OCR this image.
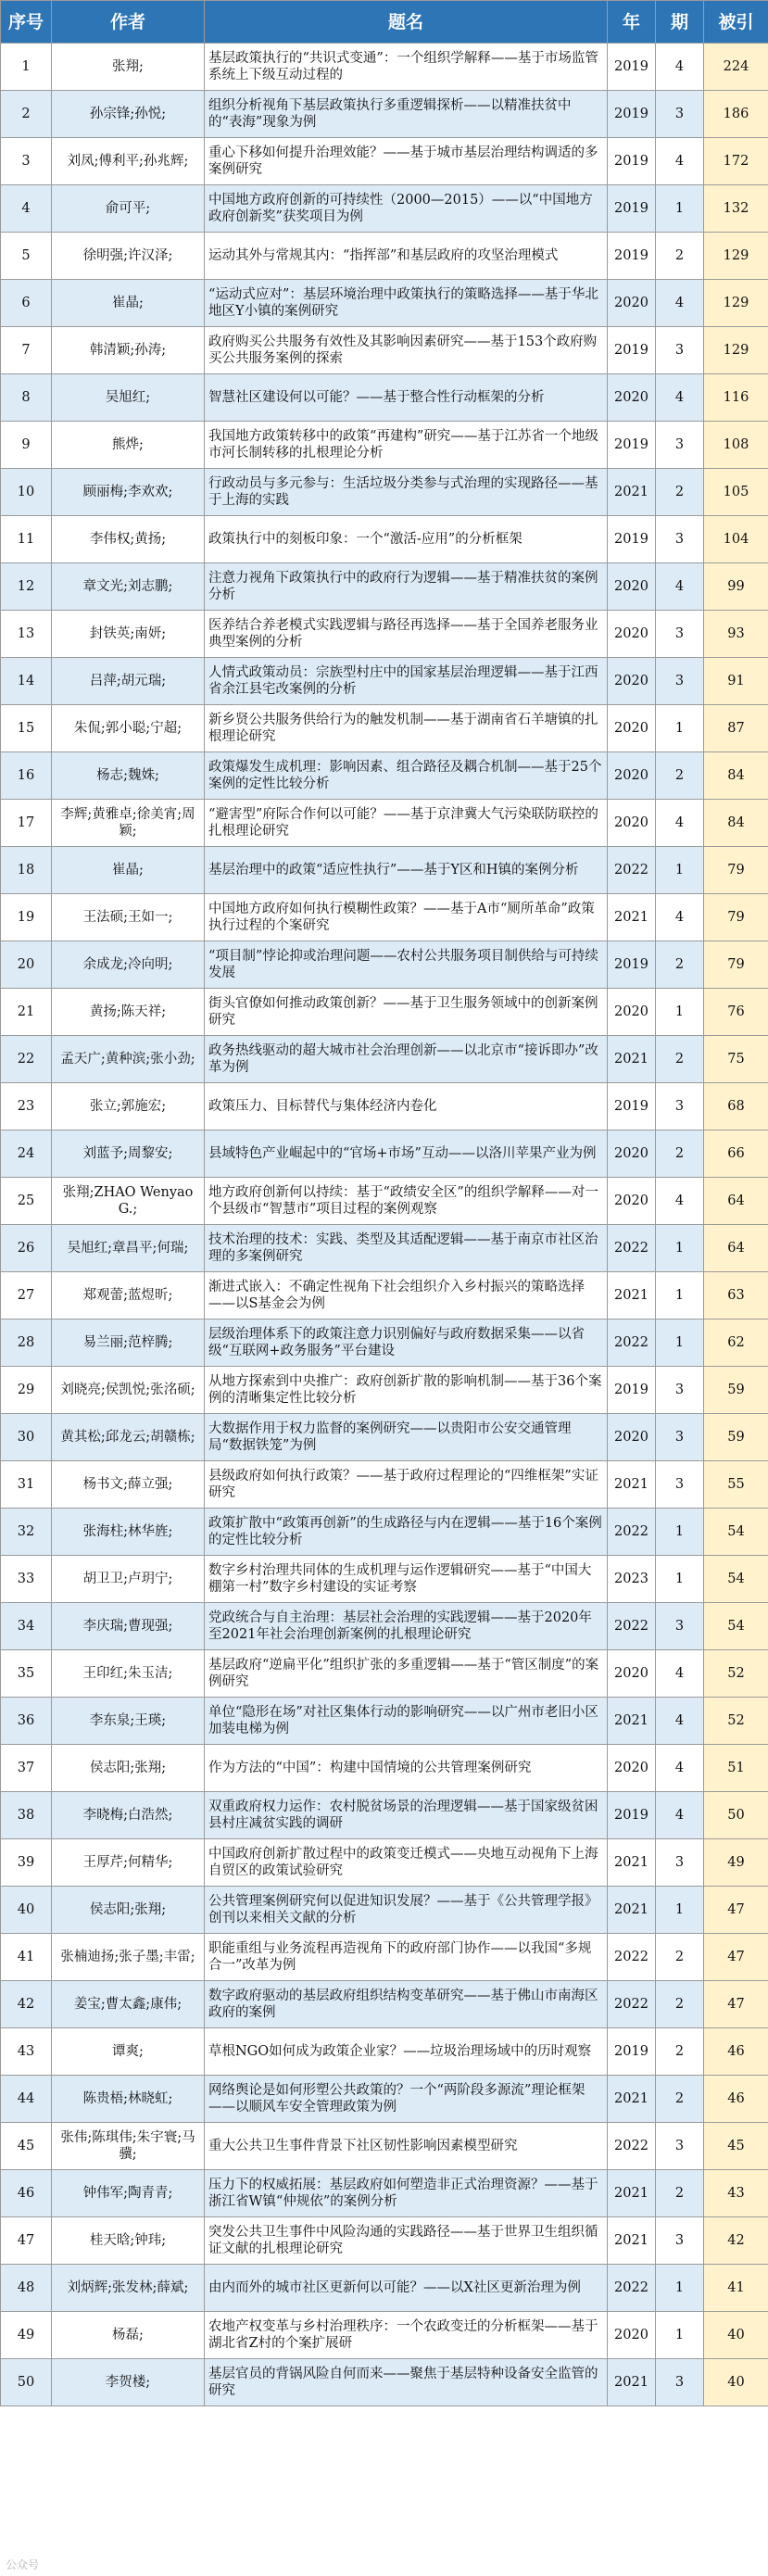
序号	作者	题名	年	期	被引
1	张翔;	基层政策执行的“共识式变通”：一个组织学解释——基于市场监管系统上下级互动过程的	2019	4	224
2	孙宗锋;孙悦;	组织分析视角下基层政策执行多重逻辑探析——以精准扶贫中的“表海”现象为例	2019	3	186
3	刘凤;傅利平;孙兆辉;	重心下移如何提升治理效能？——基于城市基层治理结构调适的多案例研究	2019	4	172
4	俞可平;	中国地方政府创新的可持续性（2000—2015）——以“中国地方政府创新奖”获奖项目为例	2019	1	132
5	徐明强;许汉泽;	运动其外与常规其内：“指挥部”和基层政府的攻坚治理模式	2019	2	129
6	崔晶;	“运动式应对”：基层环境治理中政策执行的策略选择——基于华北地区Y小镇的案例研究	2020	4	129
7	韩清颖;孙涛;	政府购买公共服务有效性及其影响因素研究——基于153个政府购买公共服务案例的探索	2019	3	129
8	吴旭红;	智慧社区建设何以可能？——基于整合性行动框架的分析	2020	4	116
9	熊烨;	我国地方政策转移中的政策“再建构”研究——基于江苏省一个地级市河长制转移的扎根理论分析	2019	3	108
10	顾丽梅;李欢欢;	行政动员与多元参与：生活垃圾分类参与式治理的实现路径——基于上海的实践	2021	2	105
11	李伟权;黄扬;	政策执行中的刻板印象：一个“激活-应用”的分析框架	2019	3	104
12	章文光;刘志鹏;	注意力视角下政策执行中的政府行为逻辑——基于精准扶贫的案例分析	2020	4	99
13	封铁英;南妍;	医养结合养老模式实践逻辑与路径再选择——基于全国养老服务业典型案例的分析	2020	3	93
14	吕萍;胡元瑞;	人情式政策动员：宗族型村庄中的国家基层治理逻辑——基于江西省余江县宅改案例的分析	2020	3	91
15	朱侃;郭小聪;宁超;	新乡贤公共服务供给行为的触发机制——基于湖南省石羊塘镇的扎根理论研究	2020	1	87
16	杨志;魏姝;	政策爆发生成机理：影响因素、组合路径及耦合机制——基于25个案例的定性比较分析	2020	2	84
17	李辉;黄雅卓;徐美宵;周颖;	“避害型”府际合作何以可能？——基于京津冀大气污染联防联控的扎根理论研究	2020	4	84
18	崔晶;	基层治理中的政策“适应性执行”——基于Y区和H镇的案例分析	2022	1	79
19	王法硕;王如一;	中国地方政府如何执行模糊性政策？——基于A市“厕所革命”政策执行过程的个案研究	2021	4	79
20	余成龙;冷向明;	“项目制”悖论抑或治理问题——农村公共服务项目制供给与可持续发展	2019	2	79
21	黄扬;陈天祥;	街头官僚如何推动政策创新？——基于卫生服务领域中的创新案例研究	2020	1	76
22	孟天广;黄种滨;张小劲;	政务热线驱动的超大城市社会治理创新——以北京市“接诉即办”改革为例	2021	2	75
23	张立;郭施宏;	政策压力、目标替代与集体经济内卷化	2019	3	68
24	刘蓝予;周黎安;	县域特色产业崛起中的“官场+市场”互动——以洛川苹果产业为例	2020	2	66
25	张翔;ZHAO Wenyao G.;	地方政府创新何以持续：基于“政绩安全区”的组织学解释——对一个县级市“智慧市”项目过程的案例观察	2020	4	64
26	吴旭红;章昌平;何瑞;	技术治理的技术：实践、类型及其适配逻辑——基于南京市社区治理的多案例研究	2022	1	64
27	郑观蕾;蓝煜昕;	渐进式嵌入：不确定性视角下社会组织介入乡村振兴的策略选择——以S基金会为例	2021	1	63
28	易兰丽;范梓腾;	层级治理体系下的政策注意力识别偏好与政府数据采集——以省级“互联网+政务服务”平台建设	2022	1	62
29	刘晓亮;侯凯悦;张洺硕;	从地方探索到中央推广：政府创新扩散的影响机制——基于36个案例的清晰集定性比较分析	2019	3	59
30	黄其松;邱龙云;胡赣栋;	大数据作用于权力监督的案例研究——以贵阳市公安交通管理局“数据铁笼”为例	2020	3	59
31	杨书文;薛立强;	县级政府如何执行政策？——基于政府过程理论的“四维框架”实证研究	2021	3	55
32	张海柱;林华旌;	政策扩散中“政策再创新”的生成路径与内在逻辑——基于16个案例的定性比较分析	2022	1	54
33	胡卫卫;卢玥宁;	数字乡村治理共同体的生成机理与运作逻辑研究——基于“中国大棚第一村”数字乡村建设的实证考察	2023	1	54
34	李庆瑞;曹现强;	党政统合与自主治理：基层社会治理的实践逻辑——基于2020年至2021年社会治理创新案例的扎根理论研究	2022	3	54
35	王印红;朱玉洁;	基层政府“逆扁平化”组织扩张的多重逻辑——基于“管区制度”的案例研究	2020	4	52
36	李东泉;王瑛;	单位“隐形在场”对社区集体行动的影响研究——以广州市老旧小区加装电梯为例	2021	4	52
37	侯志阳;张翔;	作为方法的“中国”：构建中国情境的公共管理案例研究	2020	4	51
38	李晓梅;白浩然;	双重政府权力运作：农村脱贫场景的治理逻辑——基于国家级贫困县村庄减贫实践的调研	2019	4	50
39	王厚芹;何精华;	中国政府创新扩散过程中的政策变迁模式——央地互动视角下上海自贸区的政策试验研究	2021	3	49
40	侯志阳;张翔;	公共管理案例研究何以促进知识发展？——基于《公共管理学报》创刊以来相关文献的分析	2021	1	47
41	张楠迪扬;张子墨;丰雷;	职能重组与业务流程再造视角下的政府部门协作——以我国“多规合一”改革为例	2022	2	47
42	姜宝;曹太鑫;康伟;	数字政府驱动的基层政府组织结构变革研究——基于佛山市南海区政府的案例	2022	2	47
43	谭爽;	草根NGO如何成为政策企业家？——垃圾治理场域中的历时观察	2019	2	46
44	陈贵梧;林晓虹;	网络舆论是如何形塑公共政策的？一个“两阶段多源流”理论框架——以顺风车安全管理政策为例	2021	2	46
45	张伟;陈琪伟;朱宇寰;马骥;	重大公共卫生事件背景下社区韧性影响因素模型研究	2022	3	45
46	钟伟军;陶青青;	压力下的权威拓展：基层政府如何塑造非正式治理资源？——基于浙江省W镇“仲规依”的案例分析	2021	2	43
47	桂天晗;钟玮;	突发公共卫生事件中风险沟通的实践路径——基于世界卫生组织循证文献的扎根理论研究	2021	3	42
48	刘炳辉;张发林;薛斌;	由内而外的城市社区更新何以可能？——以X社区更新治理为例	2022	1	41
49	杨磊;	农地产权变革与乡村治理秩序：一个农政变迁的分析框架——基于湖北省Z村的个案扩展研	2020	1	40
50	李贺楼;	基层官员的背锅风险自何而来——聚焦于基层特种设备安全监管的研究	2021	3	40
公众号
